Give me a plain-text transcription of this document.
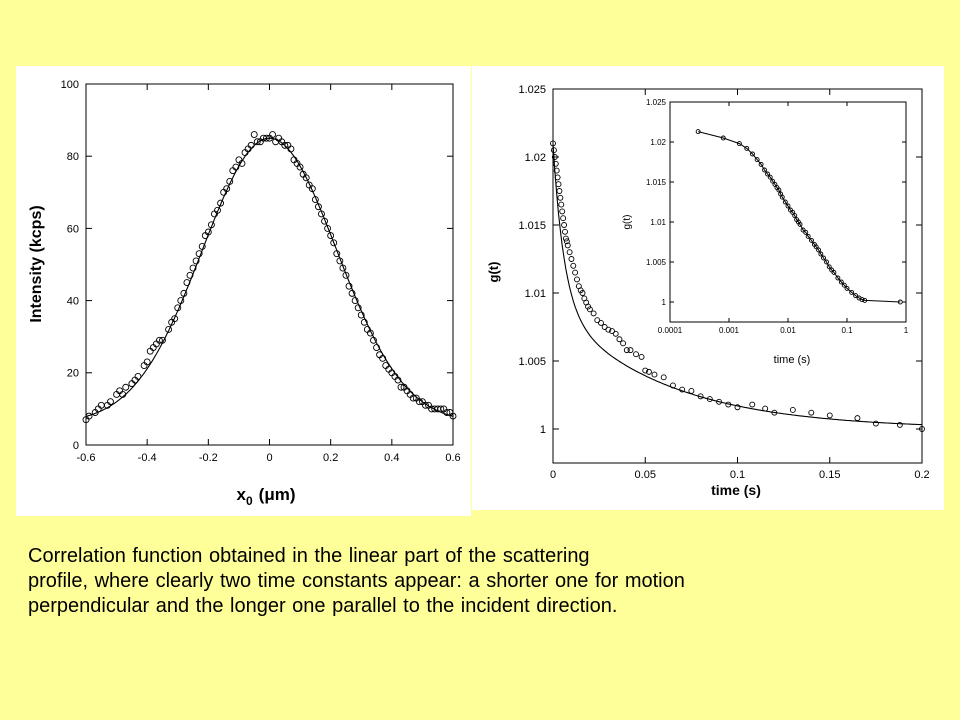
-0.6	-0.4	-0.2	0	0.2	0.4	0.6
0
20
40
60
80
100
Intensity (kcps)
$x_0$ (μm)
0	0.05	0.1	0.15	0.2
1
1.005
1.01
1.015
1.02
1.025
g(t)
time (s)
0.0001	0.001	0.01	0.1	1
1
1.005
1.01
1.015
1.02
1.025
g(t)
time (s)
Correlation function obtained in the linear part of the scattering
profile, where clearly two time constants appear: a shorter one for motion
perpendicular and the longer one parallel to the incident direction.
